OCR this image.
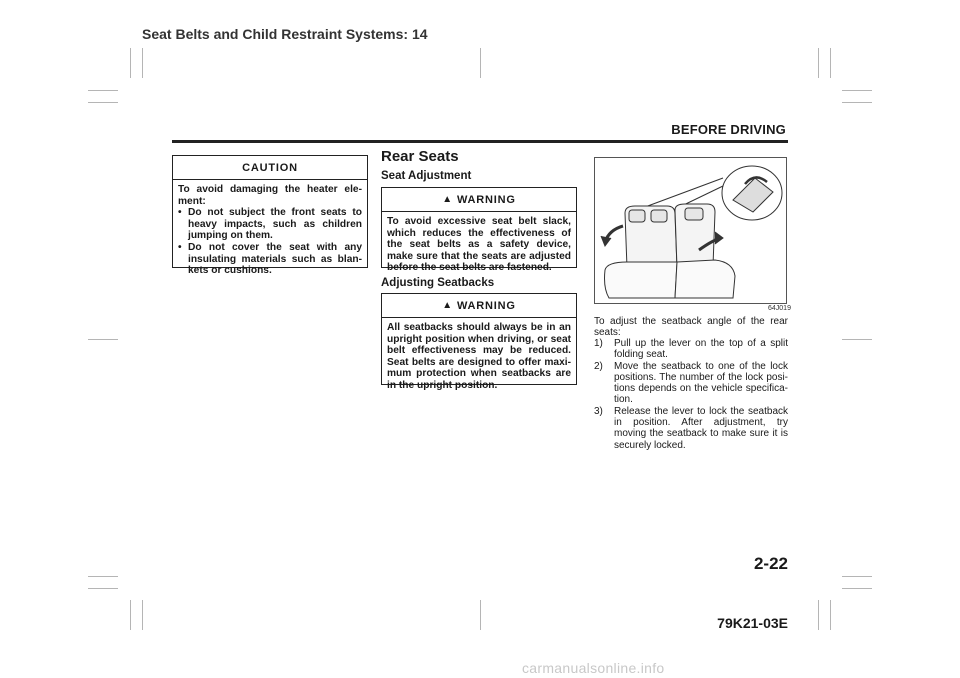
Seat Belts and Child Restraint Systems: 14
BEFORE DRIVING
CAUTION

To avoid damaging the heater ele-ment:

• Do not subject the front seats to heavy impacts, such as children jumping on them.
• Do not cover the seat with any insulating materials such as blan-kets or cushions.
Rear Seats
Seat Adjustment
▲ WARNING
To avoid excessive seat belt slack, which reduces the effectiveness of the seat belts as a safety device, make sure that the seats are adjusted before the seat belts are fastened.
Adjusting Seatbacks
▲ WARNING
All seatbacks should always be in an upright position when driving, or seat belt effectiveness may be reduced. Seat belts are designed to offer maxi-mum protection when seatbacks are in the upright position.
64J019
To adjust the seatback angle of the rear seats:
1) Pull up the lever on the top of a split folding seat.
2) Move the seatback to one of the lock positions. The number of the lock posi-tions depends on the vehicle specifica-tion.
3) Release the lever to lock the seatback in position. After adjustment, try moving the seatback to make sure it is securely locked.
2-22
79K21-03E
carmanualsonline.info
